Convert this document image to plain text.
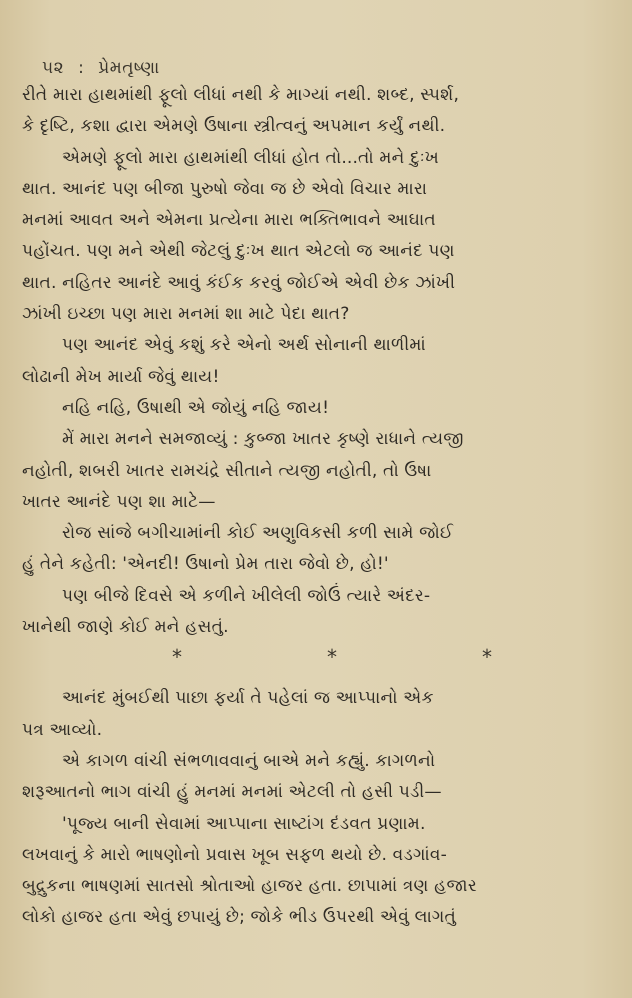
૫૨ : પ્રેમતૃષ્ણા
રીતે મારા હાથમાંથી ફૂલો લીધાં નથી કે માગ્યાં નથી. શબ્દ, સ્પર્શ,
કે દૃષ્ટિ, કશા દ્વારા એમણે ઉષાના સ્ત્રીત્વનું અપમાન કર્યું નથી.
એમણે ફૂલો મારા હાથમાંથી લીધાં હોત તો...તો મને દુઃખ
થાત. આનંદ પણ બીજા પુરુષો જેવા જ છે એવો વિચાર મારા
મનમાં આવત અને એમના પ્રત્યેના મારા ભક્તિભાવને આઘાત
પહોંચત. પણ મને એથી જેટલું દુઃખ થાત એટલો જ આનંદ પણ
થાત. નહિતર આનંદે આવું કંઈક કરવું જોઈએ એવી છેક ઝાંખી
ઝાંખી ઇચ્છા પણ મારા મનમાં શા માટે પેદા થાત?
પણ આનંદ એવું કશું કરે એનો અર્થ સોનાની થાળીમાં
લોઢાની મેખ માર્યા જેવું થાય!
નહિ નહિ, ઉષાથી એ જોયું નહિ જાય!
મેં મારા મનને સમજાવ્યું : કુબ્જા ખાતર કૃષ્ણે રાધાને ત્યજી
નહોતી, શબરી ખાતર રામચંદ્રે સીતાને ત્યજી નહોતી, તો ઉષા
ખાતર આનંદે પણ શા માટે—
રોજ સાંજે બગીચામાંની કોઈ અણુવિકસી કળી સામે જોઈ
હું તેને કહેતી: 'એનદી! ઉષાનો પ્રેમ તારા જેવો છે, હો!'
પણ બીજે દિવસે એ કળીને ખીલેલી જોઉં ત્યારે અંદર-
ખાનેથી જાણે કોઈ મને હસતું.
*	*	*
આનંદ મુંબઈથી પાછા ફર્યા તે પહેલાં જ આપ્પાનો એક
પત્ર આવ્યો.
એ કાગળ વાંચી સંભળાવવાનું બાએ મને કહ્યું. કાગળનો
શરૂઆતનો ભાગ વાંચી હું મનમાં મનમાં એટલી તો હસી પડી—
'પૂજ્ય બાની સેવામાં આપ્પાના સાષ્ટાંગ દંડવત પ્રણામ.
લખવાનું કે મારો ભાષણોનો પ્રવાસ ખૂબ સફળ થયો છે. વડગાંવ-
બુદ્રુકના ભાષણમાં સાતસો શ્રોતાઓ હાજર હતા. છાપામાં ત્રણ હજાર
લોકો હાજર હતા એવું છપાયું છે; જોકે ભીડ ઉપરથી એવું લાગતું
